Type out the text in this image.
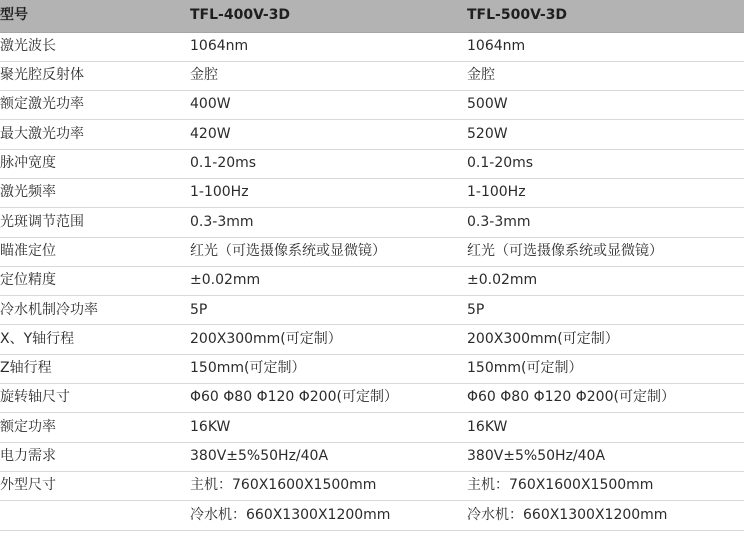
型号	TFL-400V-3D	TFL-500V-3D
激光波长	1064nm	1064nm
聚光腔反射体	金腔	金腔
额定激光功率	400W	500W
最大激光功率	420W	520W
脉冲宽度	0.1-20ms	0.1-20ms
激光频率	1-100Hz	1-100Hz
光斑调节范围	0.3-3mm	0.3-3mm
瞄准定位	红光（可选摄像系统或显微镜）	红光（可选摄像系统或显微镜）
定位精度	±0.02mm	±0.02mm
冷水机制冷功率	5P	5P
X、Y轴行程	200X300mm(可定制）	200X300mm(可定制）
Z轴行程	150mm(可定制）	150mm(可定制）
旋转轴尺寸	Φ60 Φ80 Φ120 Φ200(可定制）	Φ60 Φ80 Φ120 Φ200(可定制）
额定功率	16KW	16KW
电力需求	380V±5%50Hz/40A	380V±5%50Hz/40A
外型尺寸	主机：760X1600X1500mm	主机：760X1600X1500mm
	冷水机：660X1300X1200mm	冷水机：660X1300X1200mm
